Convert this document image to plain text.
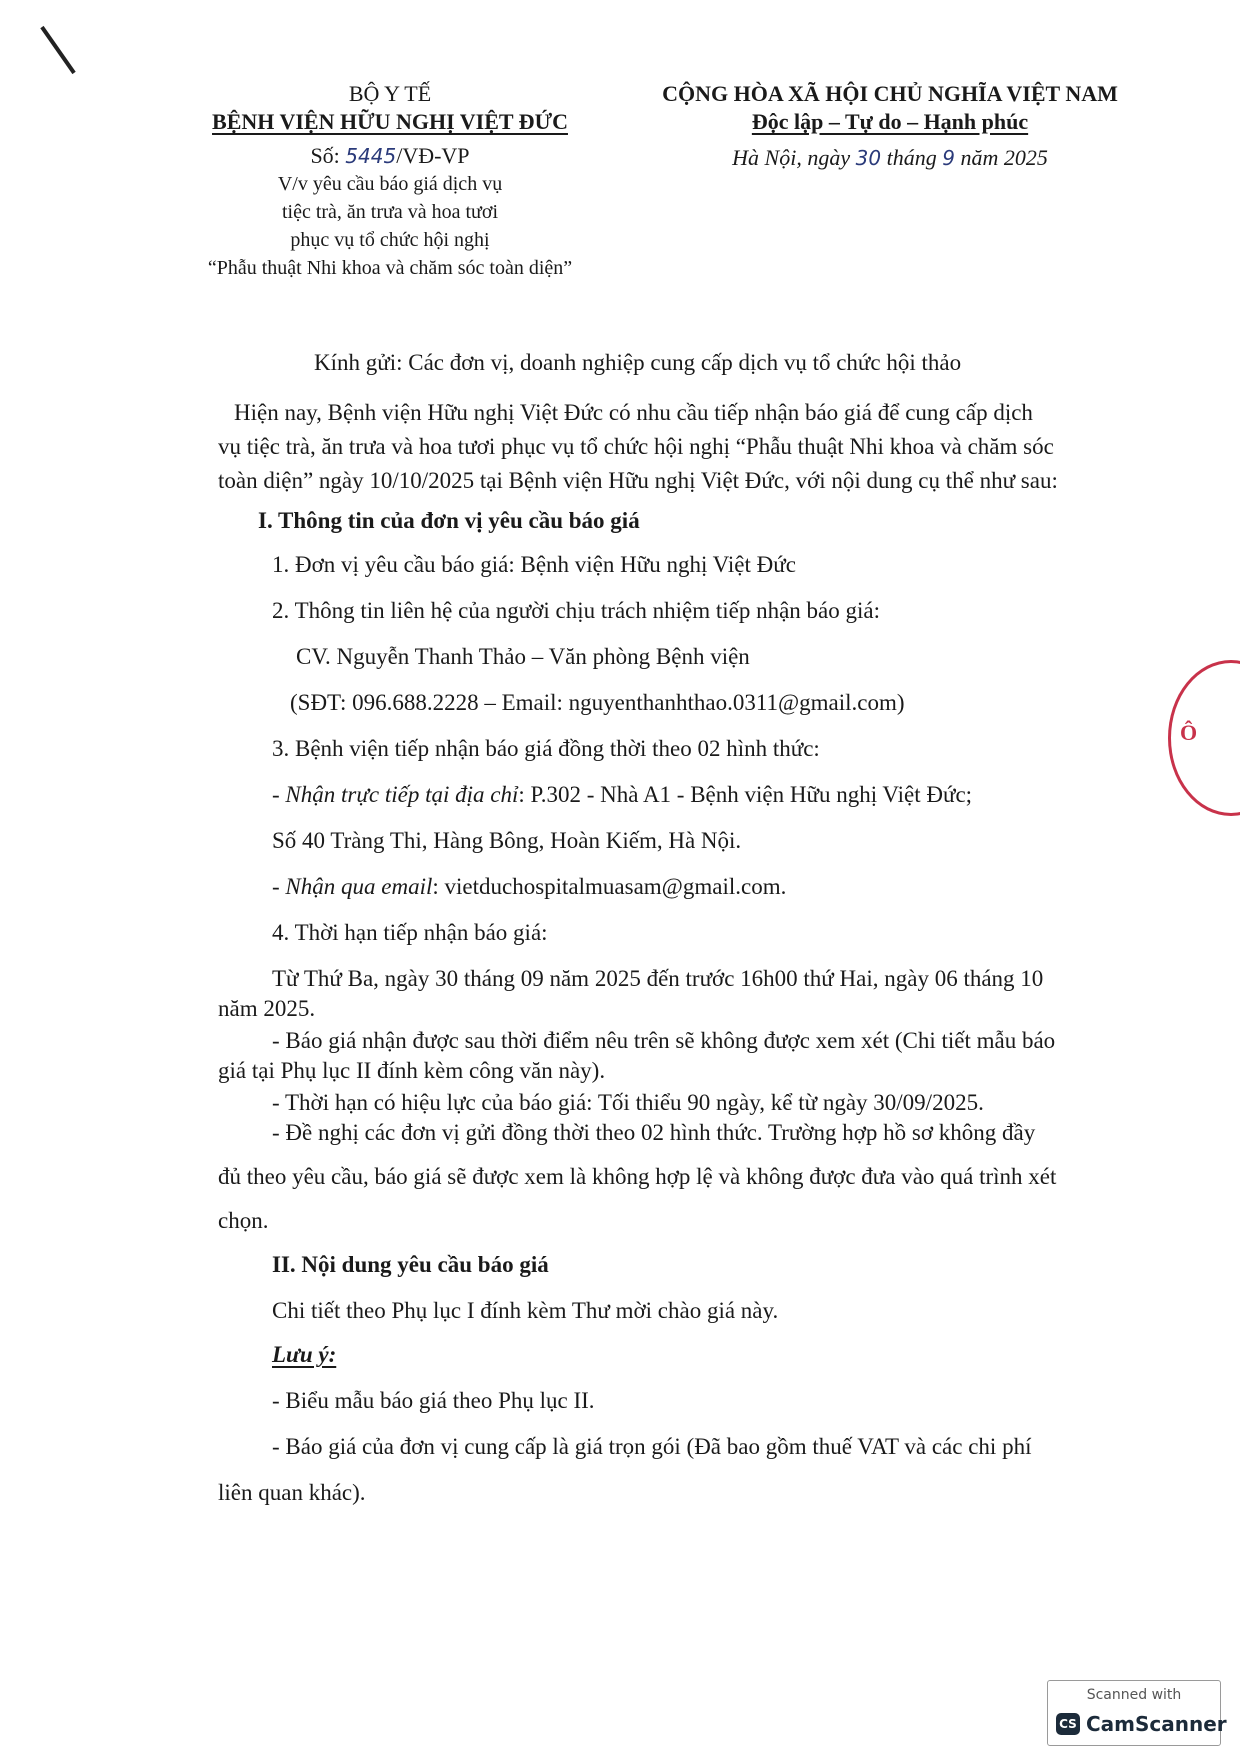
BỘ Y TẾ
BỆNH VIỆN HỮU NGHỊ VIỆT ĐỨC
Số: 5445/VĐ-VP
V/v yêu cầu báo giá dịch vụ
tiệc trà, ăn trưa và hoa tươi
phục vụ tổ chức hội nghị
“Phẫu thuật Nhi khoa và chăm sóc toàn diện”
CỘNG HÒA XÃ HỘI CHỦ NGHĨA VIỆT NAM
Độc lập – Tự do – Hạnh phúc
Hà Nội, ngày 30 tháng 9 năm 2025
Kính gửi: Các đơn vị, doanh nghiệp cung cấp dịch vụ tổ chức hội thảo
Hiện nay, Bệnh viện Hữu nghị Việt Đức có nhu cầu tiếp nhận báo giá để cung cấp dịch
vụ tiệc trà, ăn trưa và hoa tươi phục vụ tổ chức hội nghị “Phẫu thuật Nhi khoa và chăm sóc
toàn diện” ngày 10/10/2025 tại Bệnh viện Hữu nghị Việt Đức, với nội dung cụ thể như sau:
I. Thông tin của đơn vị yêu cầu báo giá
1. Đơn vị yêu cầu báo giá: Bệnh viện Hữu nghị Việt Đức
2. Thông tin liên hệ của người chịu trách nhiệm tiếp nhận báo giá:
CV. Nguyễn Thanh Thảo – Văn phòng Bệnh viện
(SĐT: 096.688.2228 – Email: nguyenthanhthao.0311@gmail.com)
3. Bệnh viện tiếp nhận báo giá đồng thời theo 02 hình thức:
- Nhận trực tiếp tại địa chỉ: P.302 - Nhà A1 - Bệnh viện Hữu nghị Việt Đức;
Số 40 Tràng Thi, Hàng Bông, Hoàn Kiếm, Hà Nội.
- Nhận qua email: vietduchospitalmuasam@gmail.com.
4. Thời hạn tiếp nhận báo giá:
Từ Thứ Ba, ngày 30 tháng 09 năm 2025 đến trước 16h00 thứ Hai, ngày 06 tháng 10
năm 2025.
- Báo giá nhận được sau thời điểm nêu trên sẽ không được xem xét (Chi tiết mẫu báo
giá tại Phụ lục II đính kèm công văn này).
- Thời hạn có hiệu lực của báo giá: Tối thiểu 90 ngày, kể từ ngày 30/09/2025.
- Đề nghị các đơn vị gửi đồng thời theo 02 hình thức. Trường hợp hồ sơ không đầy
đủ theo yêu cầu, báo giá sẽ được xem là không hợp lệ và không được đưa vào quá trình xét
chọn.
II. Nội dung yêu cầu báo giá
Chi tiết theo Phụ lục I đính kèm Thư mời chào giá này.
Lưu ý:
- Biểu mẫu báo giá theo Phụ lục II.
- Báo giá của đơn vị cung cấp là giá trọn gói (Đã bao gồm thuế VAT và các chi phí
liên quan khác).
Ô
Scanned with
CS CamScanner
